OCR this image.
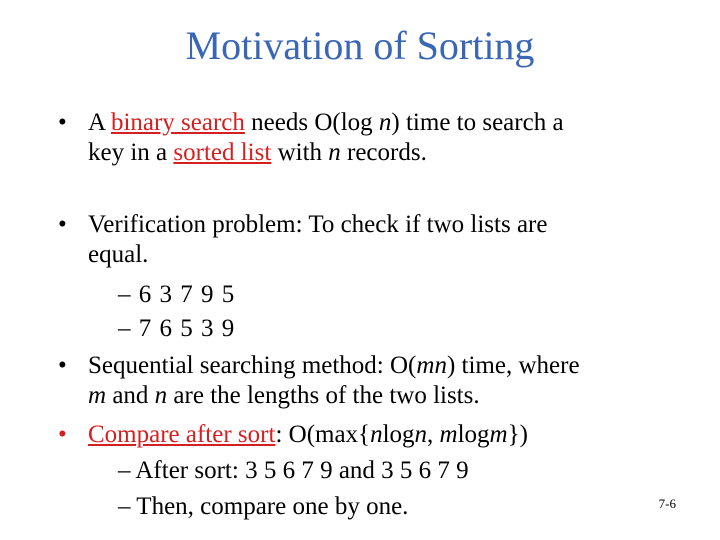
Motivation of Sorting
• A binary search needs O(log n) time to search a
key in a sorted list with n records.
• Verification problem: To check if two lists are
equal.
– 6 3 7 9 5
– 7 6 5 3 9
• Sequential searching method: O(mn) time, where
m and n are the lengths of the two lists.
• Compare after sort: O(max{nlogn, mlogm})
– After sort: 3 5 6 7 9 and 3 5 6 7 9
– Then, compare one by one.	7-6
